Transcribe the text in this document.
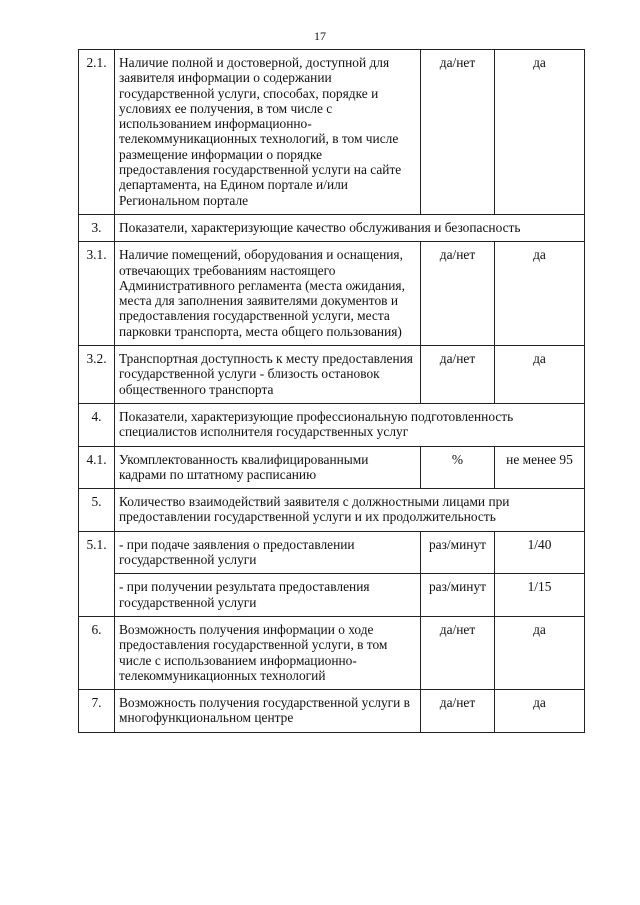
17
2.1.	Наличие полной и достоверной, доступной для заявителя информации о содержании государственной услуги, способах, порядке и условиях ее получения, в том числе с использованием информационно-телекоммуникационных технологий, в том числе размещение информации о порядке предоставления государственной услуги на сайте департамента, на Едином портале и/или Региональном портале	да/нет	да
3.	Показатели, характеризующие качество обслуживания и безопасность		
3.1.	Наличие помещений, оборудования и оснащения, отвечающих требованиям настоящего Административного регламента (места ожидания, места для заполнения заявителями документов и предоставления государственной услуги, места парковки транспорта, места общего пользования)	да/нет	да
3.2.	Транспортная доступность к месту предоставления государственной услуги - близость остановок общественного транспорта	да/нет	да
4.	Показатели, характеризующие профессиональную подготовленность специалистов исполнителя государственных услуг		
4.1.	Укомплектованность квалифицированными кадрами по штатному расписанию	%	не менее 95
5.	Количество взаимодействий заявителя с должностными лицами при предоставлении государственной услуги и их продолжительность		
5.1.	- при подаче заявления о предоставлении государственной услуги	раз/минут	1/40
	- при получении результата предоставления государственной услуги	раз/минут	1/15
6.	Возможность получения информации о ходе предоставления государственной услуги, в том числе с использованием информационно-телекоммуникационных технологий	да/нет	да
7.	Возможность получения государственной услуги в многофункциональном центре	да/нет	да
